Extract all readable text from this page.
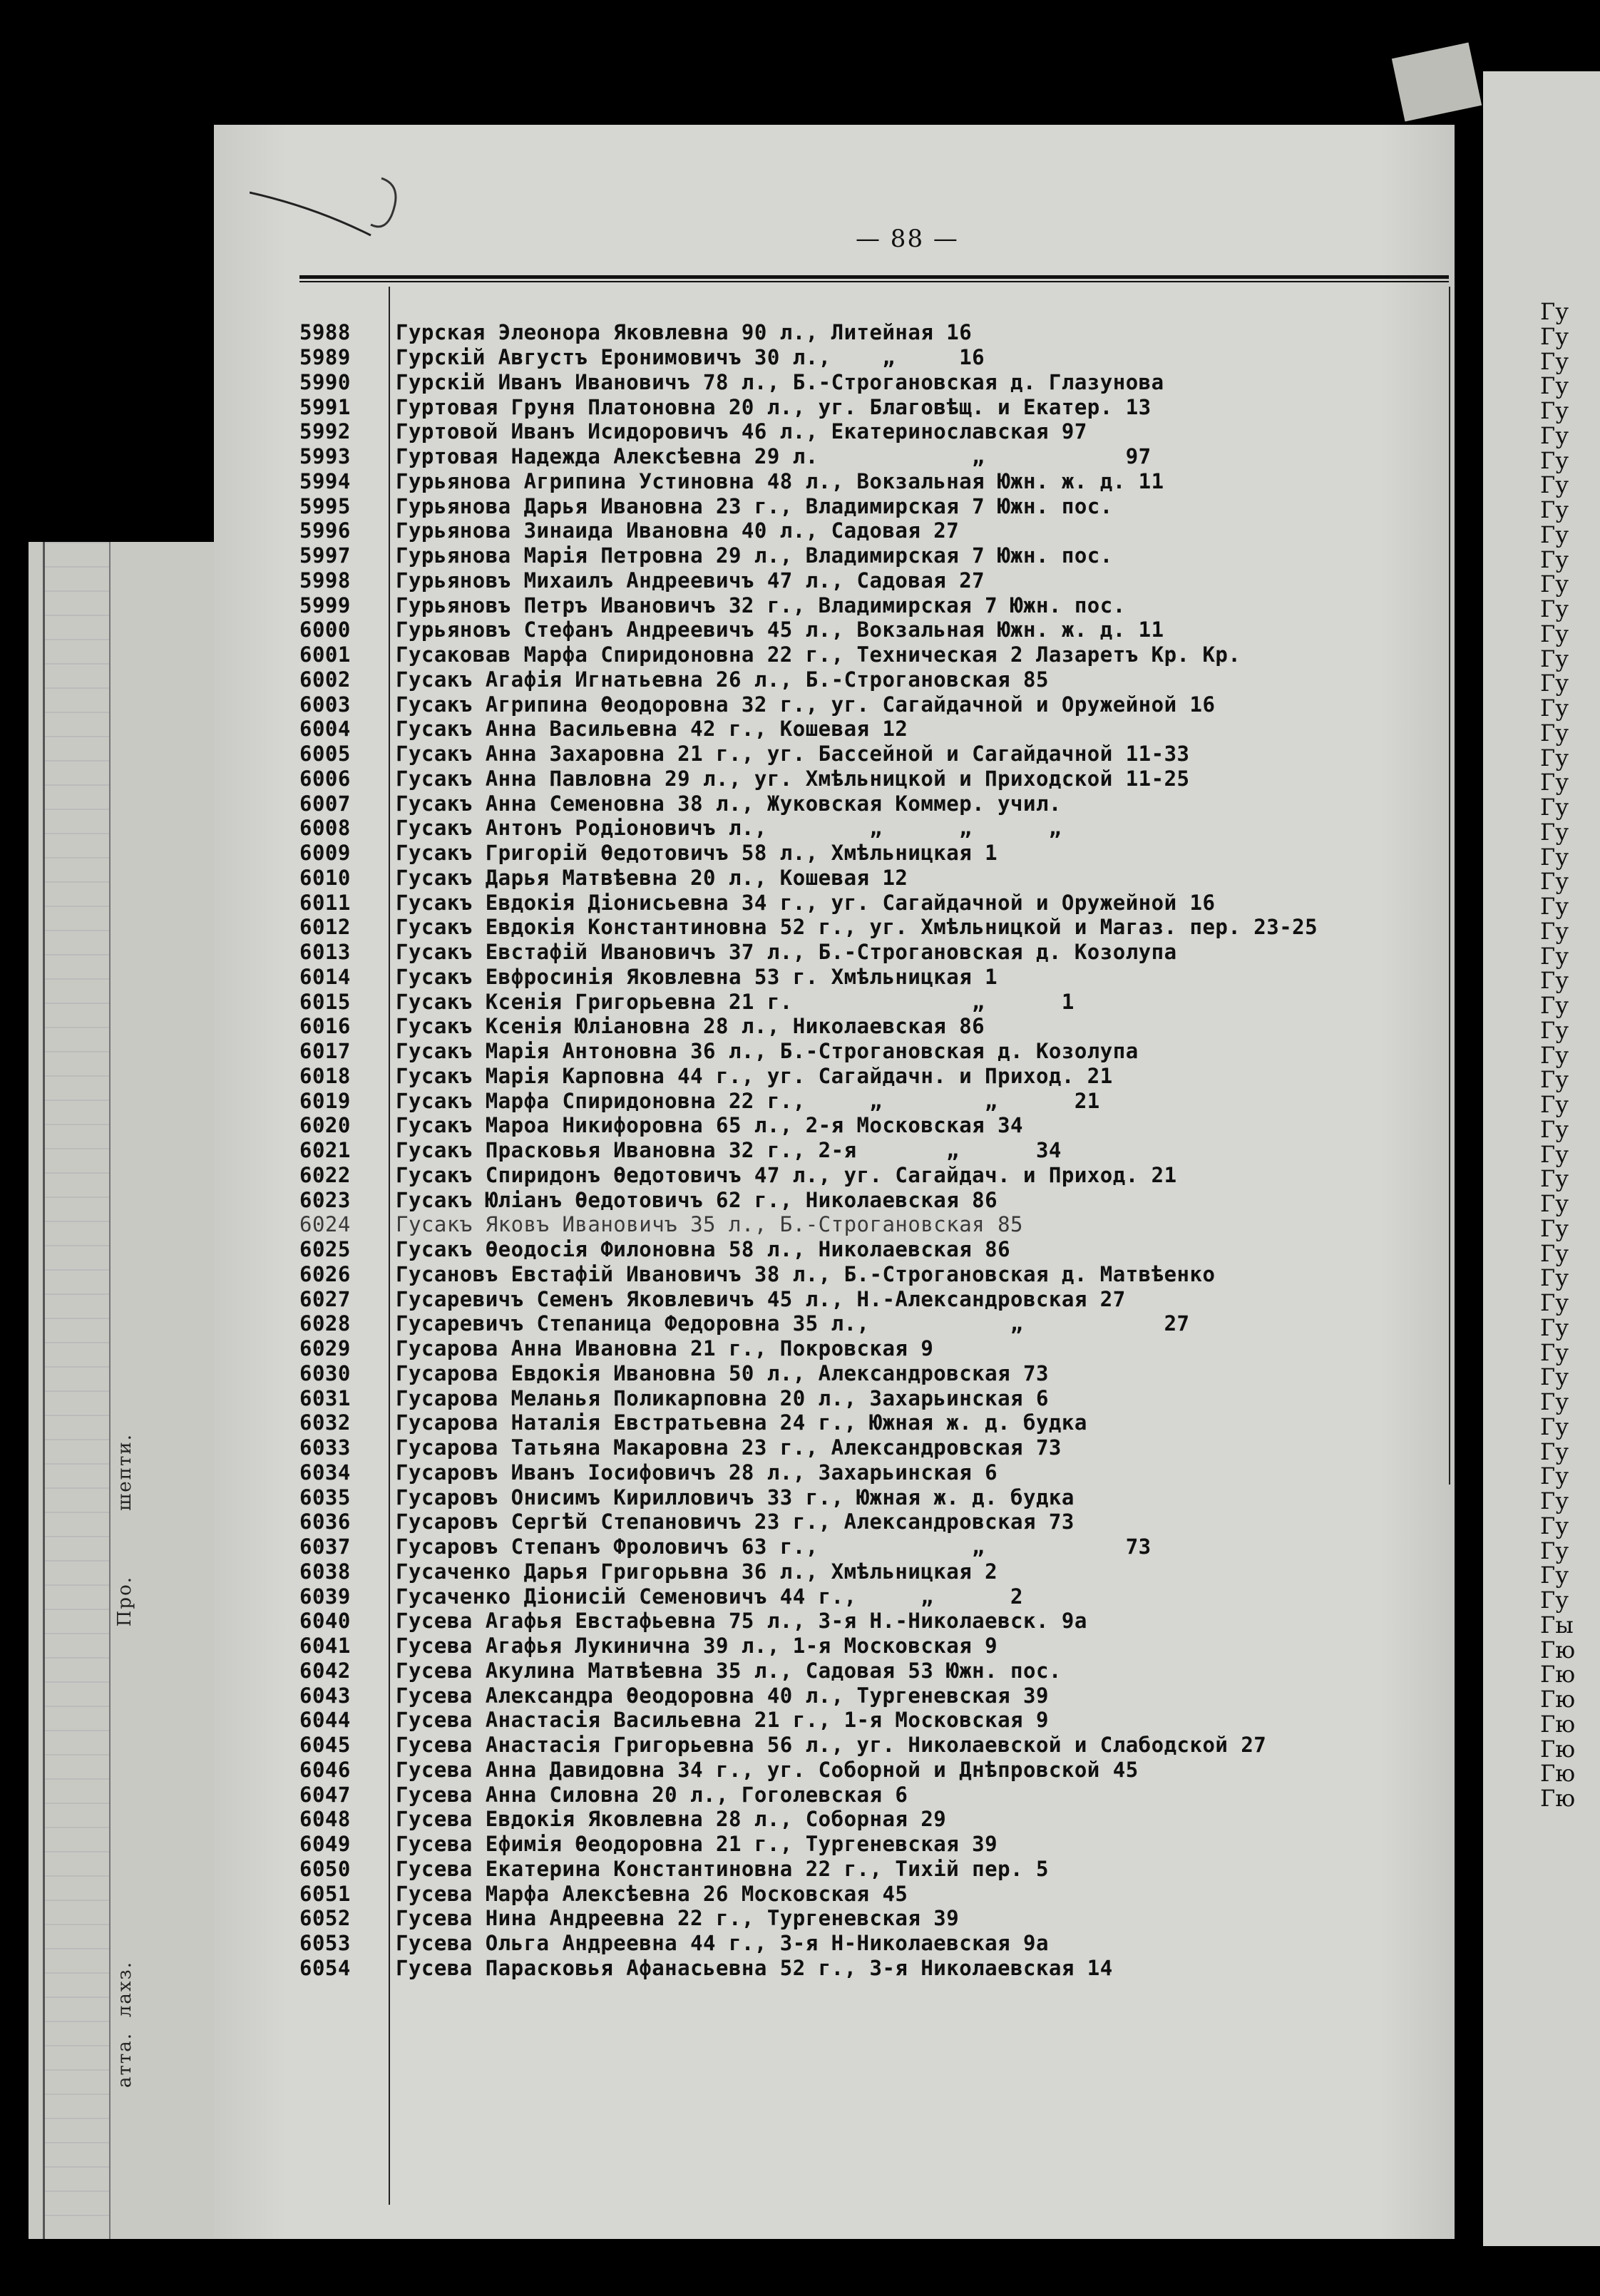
шепти.
Про.
лахз.
атта.
Гу
Гу
Гу
Гу
Гу
Гу
Гу
Гу
Гу
Гу
Гу
Гу
Гу
Гу
Гу
Гу
Гу
Гу
Гу
Гу
Гу
Гу
Гу
Гу
Гу
Гу
Гу
Гу
Гу
Гу
Гу
Гу
Гу
Гу
Гу
Гу
Гу
Гу
Гу
Гу
Гу
Гу
Гу
Гу
Гу
Гу
Гу
Гу
Гу
Гу
Гу
Гу
Гу
Гы
Гю
Гю
Гю
Гю
Гю
Гю
Гю
— 88 —
5988	Гурская Элеонора Яковлевна 90 л., Литейная 16
5989	Гурскій Августъ Еронимовичъ 30 л.,    „     16
5990	Гурскій Иванъ Ивановичъ 78 л., Б.-Строгановская д. Глазунова
5991	Гуртовая Груня Платоновна 20 л., уг. Благовѣщ. и Екатер. 13
5992	Гуртовой Иванъ Исидоровичъ 46 л., Екатеринославская 97
5993	Гуртовая Надежда Алексѣевна 29 л.            „           97
5994	Гурьянова Агрипина Устиновна 48 л., Вокзальная Южн. ж. д. 11
5995	Гурьянова Дарья Ивановна 23 г., Владимирская 7 Южн. пос.
5996	Гурьянова Зинаида Ивановна 40 л., Садовая 27
5997	Гурьянова Марія Петровна 29 л., Владимирская 7 Южн. пос.
5998	Гурьяновъ Михаилъ Андреевичъ 47 л., Садовая 27
5999	Гурьяновъ Петръ Ивановичъ 32 г., Владимирская 7 Южн. пос.
6000	Гурьяновъ Стефанъ Андреевичъ 45 л., Вокзальная Южн. ж. д. 11
6001	Гусаковав Марфа Спиридоновна 22 г., Техническая 2 Лазаретъ Кр. Кр.
6002	Гусакъ Агафія Игнатьевна 26 л., Б.-Строгановская 85
6003	Гусакъ Агрипина Ѳеодоровна 32 г., уг. Сагайдачной и Оружейной 16
6004	Гусакъ Анна Васильевна 42 г., Кошевая 12
6005	Гусакъ Анна Захаровна 21 г., уг. Бассейной и Сагайдачной 11-33
6006	Гусакъ Анна Павловна 29 л., уг. Хмѣльницкой и Приходской 11-25
6007	Гусакъ Анна Семеновна 38 л., Жуковская Коммер. учил.
6008	Гусакъ Антонъ Родіоновичъ л.,        „      „      „
6009	Гусакъ Григорій Ѳедотовичъ 58 л., Хмѣльницкая 1
6010	Гусакъ Дарья Матвѣевна 20 л., Кошевая 12
6011	Гусакъ Евдокія Діонисьевна 34 г., уг. Сагайдачной и Оружейной 16
6012	Гусакъ Евдокія Константиновна 52 г., уг. Хмѣльницкой и Магаз. пер. 23-25
6013	Гусакъ Евстафій Ивановичъ 37 л., Б.-Строгановская д. Козолупа
6014	Гусакъ Евфросинія Яковлевна 53 г. Хмѣльницкая 1
6015	Гусакъ Ксенія Григорьевна 21 г.              „      1
6016	Гусакъ Ксенія Юліановна 28 л., Николаевская 86
6017	Гусакъ Марія Антоновна 36 л., Б.-Строгановская д. Козолупа
6018	Гусакъ Марія Карповна 44 г., уг. Сагайдачн. и Приход. 21
6019	Гусакъ Марфа Спиридоновна 22 г.,     „        „      21
6020	Гусакъ Мароа Никифоровна 65 л., 2-я Московская 34
6021	Гусакъ Прасковья Ивановна 32 г., 2-я       „      34
6022	Гусакъ Спиридонъ Ѳедотовичъ 47 л., уг. Сагайдач. и Приход. 21
6023	Гусакъ Юліанъ Ѳедотовичъ 62 г., Николаевская 86
6024	Гусакъ Яковъ Ивановичъ 35 л., Б.-Строгановская 85
6025	Гусакъ Ѳеодосія Филоновна 58 л., Николаевская 86
6026	Гусановъ Евстафій Ивановичъ 38 л., Б.-Строгановская д. Матвѣенко
6027	Гусаревичъ Семенъ Яковлевичъ 45 л., Н.-Александровская 27
6028	Гусаревичъ Степаница Федоровна 35 л.,           „           27
6029	Гусарова Анна Ивановна 21 г., Покровская 9
6030	Гусарова Евдокія Ивановна 50 л., Александровская 73
6031	Гусарова Меланья Поликарповна 20 л., Захарьинская 6
6032	Гусарова Наталія Евстратьевна 24 г., Южная ж. д. будка
6033	Гусарова Татьяна Макаровна 23 г., Александровская 73
6034	Гусаровъ Иванъ Іосифовичъ 28 л., Захарьинская 6
6035	Гусаровъ Онисимъ Кирилловичъ 33 г., Южная ж. д. будка
6036	Гусаровъ Сергѣй Степановичъ 23 г., Александровская 73
6037	Гусаровъ Степанъ Фроловичъ 63 г.,            „           73
6038	Гусаченко Дарья Григорьвна 36 л., Хмѣльницкая 2
6039	Гусаченко Діонисій Семеновичъ 44 г.,     „      2
6040	Гусева Агафья Евстафьевна 75 л., 3-я Н.-Николаевск. 9а
6041	Гусева Агафья Лукинична 39 л., 1-я Московская 9
6042	Гусева Акулина Матвѣевна 35 л., Садовая 53 Южн. пос.
6043	Гусева Александра Ѳеодоровна 40 л., Тургеневская 39
6044	Гусева Анастасія Васильевна 21 г., 1-я Московская 9
6045	Гусева Анастасія Григорьевна 56 л., уг. Николаевской и Слабодской 27
6046	Гусева Анна Давидовна 34 г., уг. Соборной и Днѣпровской 45
6047	Гусева Анна Силовна 20 л., Гоголевская 6
6048	Гусева Евдокія Яковлевна 28 л., Соборная 29
6049	Гусева Ефимія Ѳеодоровна 21 г., Тургеневская 39
6050	Гусева Екатерина Константиновна 22 г., Тихій пер. 5
6051	Гусева Марфа Алексѣевна 26 Московская 45
6052	Гусева Нина Андреевна 22 г., Тургеневская 39
6053	Гусева Ольга Андреевна 44 г., 3-я Н-Николаевская 9а
6054	Гусева Парасковья Афанасьевна 52 г., 3-я Николаевская 14
